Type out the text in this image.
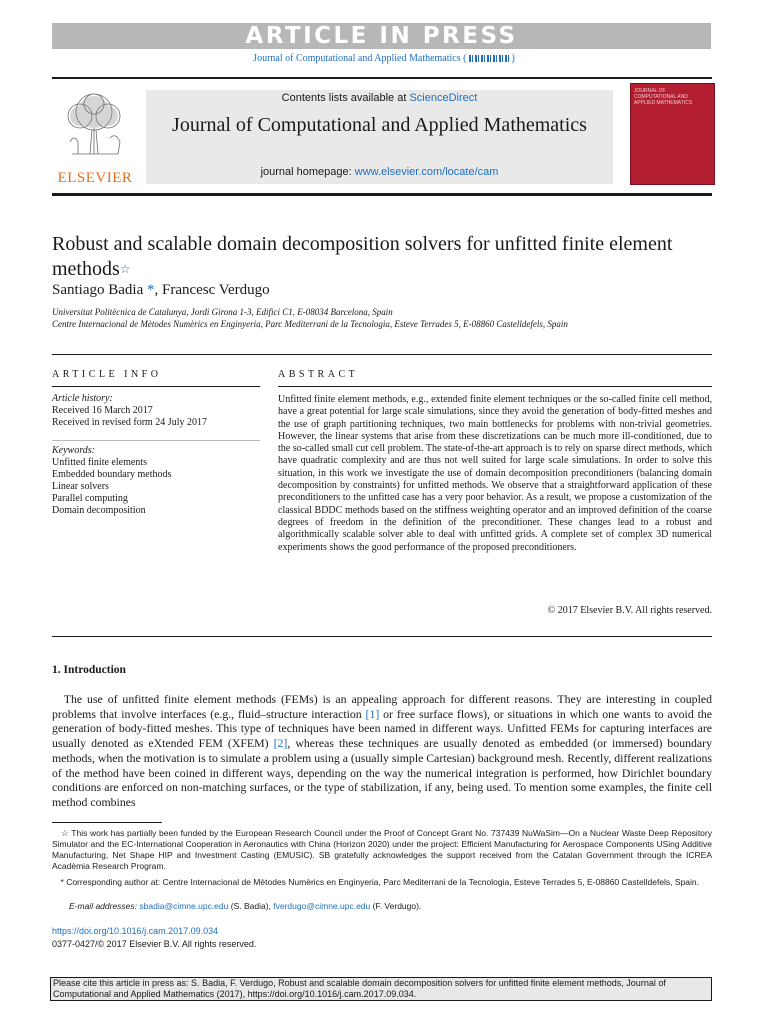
ARTICLE IN PRESS
Journal of Computational and Applied Mathematics (	)
ELSEVIER
Contents lists available at ScienceDirect
Journal of Computational and Applied Mathematics
journal homepage: www.elsevier.com/locate/cam
JOURNAL OF COMPUTATIONAL AND APPLIED MATHEMATICS
Robust and scalable domain decomposition solvers for unfitted finite element methods☆
Santiago Badia *, Francesc Verdugo
Universitat Politècnica de Catalunya, Jordi Girona 1-3, Edifici C1, E-08034 Barcelona, Spain
Centre Internacional de Mètodes Numèrics en Enginyeria, Parc Mediterrani de la Tecnologia, Esteve Terrades 5, E-08860 Castelldefels, Spain
ARTICLE INFO	ABSTRACT
Article history:
Received 16 March 2017
Received in revised form 24 July 2017
Keywords:
Unfitted finite elements
Embedded boundary methods
Linear solvers
Parallel computing
Domain decomposition
Unfitted finite element methods, e.g., extended finite element techniques or the so-called finite cell method, have a great potential for large scale simulations, since they avoid the generation of body-fitted meshes and the use of graph partitioning techniques, two main bottlenecks for problems with non-trivial geometries. However, the linear systems that arise from these discretizations can be much more ill-conditioned, due to the so-called small cut cell problem. The state-of-the-art approach is to rely on sparse direct methods, which have quadratic complexity and are thus not well suited for large scale simulations. In order to solve this situation, in this work we investigate the use of domain decomposition preconditioners (balancing domain decomposition by constraints) for unfitted methods. We observe that a straightforward application of these preconditioners to the unfitted case has a very poor behavior. As a result, we propose a customization of the classical BDDC methods based on the stiffness weighting operator and an improved definition of the coarse degrees of freedom in the definition of the preconditioner. These changes lead to a robust and algorithmically scalable solver able to deal with unfitted grids. A complete set of complex 3D numerical experiments shows the good performance of the proposed preconditioners.
© 2017 Elsevier B.V. All rights reserved.
1. Introduction
 The use of unfitted finite element methods (FEMs) is an appealing approach for different reasons. They are interesting in coupled problems that involve interfaces (e.g., fluid–structure interaction [1] or free surface flows), or situations in which one wants to avoid the generation of body-fitted meshes. This type of techniques have been named in different ways. Unfitted FEMs for capturing interfaces are usually denoted as eXtended FEM (XFEM) [2], whereas these techniques are usually denoted as embedded (or immersed) boundary methods, when the motivation is to simulate a problem using a (usually simple Cartesian) background mesh. Recently, different realizations of the method have been coined in different ways, depending on the way the numerical integration is performed, how Dirichlet boundary conditions are enforced on non-matching surfaces, or the type of stabilization, if any, being used. To mention some examples, the finite cell method combines
 ☆ This work has partially been funded by the European Research Council under the Proof of Concept Grant No. 737439 NuWaSim—On a Nuclear Waste Deep Repository Simulator and the EC-International Cooperation in Aeronautics with China (Horizon 2020) under the project: Efficient Manufacturing for Aerospace Components USing Additive Manufacturing, Net Shape HIP and Investment Casting (EMUSIC). SB gratefully acknowledges the support received from the Catalan Government through the ICREA Acadèmia Research Program.
 * Corresponding author at: Centre Internacional de Mètodes Numèrics en Enginyeria, Parc Mediterrani de la Tecnologia, Esteve Terrades 5, E-08860 Castelldefels, Spain.
  E-mail addresses: sbadia@cimne.upc.edu (S. Badia), fverdugo@cimne.upc.edu (F. Verdugo).
https://doi.org/10.1016/j.cam.2017.09.034
0377-0427/© 2017 Elsevier B.V. All rights reserved.
Please cite this article in press as: S. Badia, F. Verdugo, Robust and scalable domain decomposition solvers for unfitted finite element methods, Journal of Computational and Applied Mathematics (2017), https://doi.org/10.1016/j.cam.2017.09.034.
